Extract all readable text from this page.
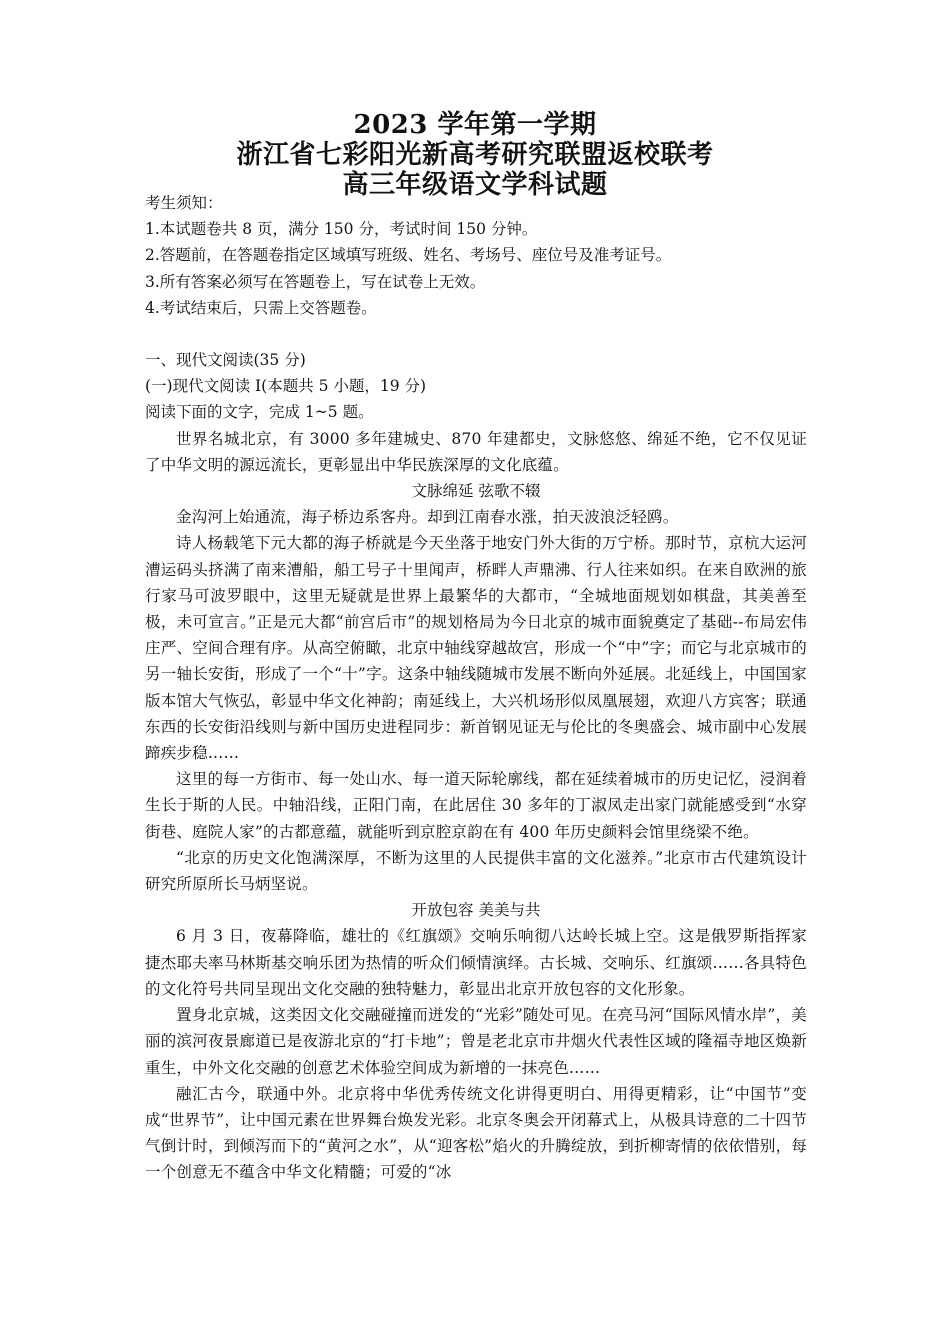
2023 学年第一学期
浙江省七彩阳光新高考研究联盟返校联考
高三年级语文学科试题

考生须知：

1.本试题卷共 8 页，满分 150 分，考试时间 150 分钟。

2.答题前，在答题卷指定区域填写班级、姓名、考场号、座位号及准考证号。

3.所有答案必须写在答题卷上，写在试卷上无效。

4.考试结束后，只需上交答题卷。

一、现代文阅读(35 分)

(一)现代文阅读 I(本题共 5 小题，19 分)

阅读下面的文字，完成 1~5 题。

世界名城北京，有 3000 多年建城史、870 年建都史，文脉悠悠、绵延不绝，它不仅见证了中华文明的源远流长，更彰显出中华民族深厚的文化底蕴。

文脉绵延 弦歌不辍

金沟河上始通流，海子桥边系客舟。却到江南春水涨，拍天波浪泛轻鸥。

诗人杨载笔下元大都的海子桥就是今天坐落于地安门外大街的万宁桥。那时节，京杭大运河漕运码头挤满了南来漕船，船工号子十里闻声，桥畔人声鼎沸、行人往来如织。在来自欧洲的旅行家马可波罗眼中，这里无疑就是世界上最繁华的大都市，“全城地面规划如棋盘，其美善至极，未可宣言。”正是元大都“前宫后市”的规划格局为今日北京的城市面貌奠定了基础--布局宏伟庄严、空间合理有序。从高空俯瞰，北京中轴线穿越故宫，形成一个“中”字；而它与北京城市的另一轴长安街，形成了一个“十”字。这条中轴线随城市发展不断向外延展。北延线上，中国国家版本馆大气恢弘，彰显中华文化神韵；南延线上，大兴机场形似凤凰展翅，欢迎八方宾客；联通东西的长安街沿线则与新中国历史进程同步：新首钢见证无与伦比的冬奥盛会、城市副中心发展蹄疾步稳……

这里的每一方街市、每一处山水、每一道天际轮廓线，都在延续着城市的历史记忆，浸润着生长于斯的人民。中轴沿线，正阳门南，在此居住 30 多年的丁淑凤走出家门就能感受到“水穿街巷、庭院人家”的古都意蕴，就能听到京腔京韵在有 400 年历史颜料会馆里绕梁不绝。

“北京的历史文化饱满深厚，不断为这里的人民提供丰富的文化滋养。”北京市古代建筑设计研究所原所长马炳坚说。

开放包容 美美与共

6 月 3 日，夜幕降临，雄壮的《红旗颂》交响乐响彻八达岭长城上空。这是俄罗斯指挥家捷杰耶夫率马林斯基交响乐团为热情的听众们倾情演绎。古长城、交响乐、红旗颂……各具特色的文化符号共同呈现出文化交融的独特魅力，彰显出北京开放包容的文化形象。

置身北京城，这类因文化交融碰撞而迸发的“光彩”随处可见。在亮马河“国际风情水岸”，美丽的滨河夜景廊道已是夜游北京的“打卡地”；曾是老北京市井烟火代表性区域的隆福寺地区焕新重生，中外文化交融的创意艺术体验空间成为新增的一抹亮色……

融汇古今，联通中外。北京将中华优秀传统文化讲得更明白、用得更精彩，让“中国节”变成“世界节”，让中国元素在世界舞台焕发光彩。北京冬奥会开闭幕式上，从极具诗意的二十四节气倒计时，到倾泻而下的“黄河之水”，从“迎客松”焰火的升腾绽放，到折柳寄情的依依惜别，每一个创意无不蕴含中华文化精髓；可爱的“冰
